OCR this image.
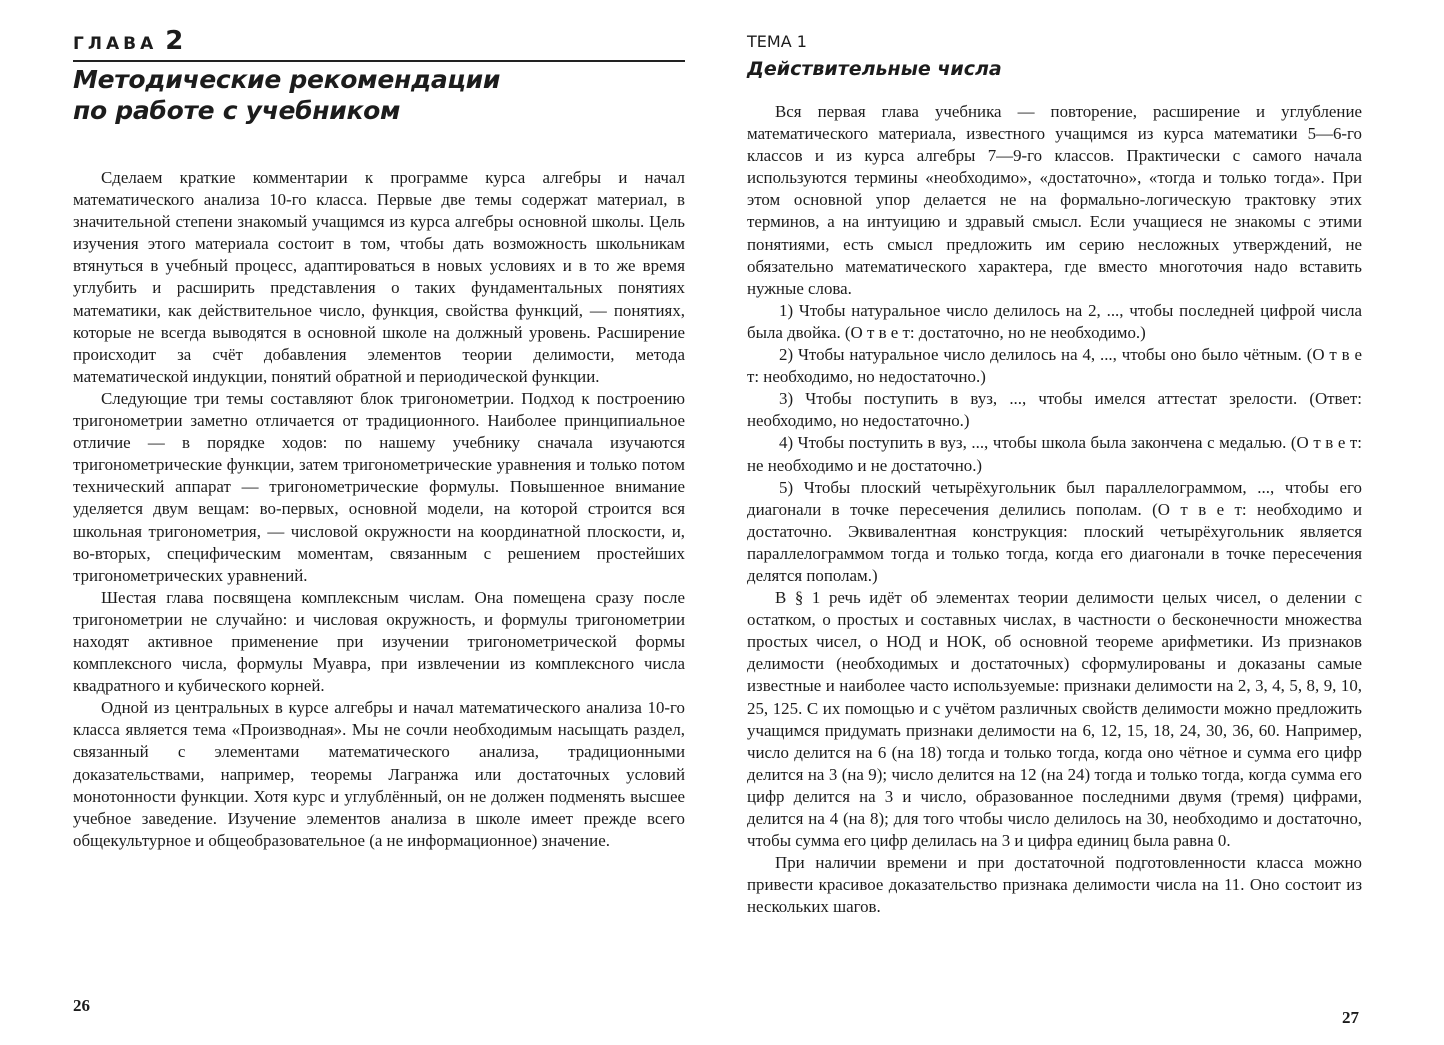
ГЛАВА 2
Методические рекомендации
по работе с учебником

Сделаем краткие комментарии к программе курса алгебры и начал математического анализа 10-го класса. Первые две темы содержат материал, в значительной степени знакомый учащимся из курса алгебры основной школы. Цель изучения этого материала состоит в том, чтобы дать возможность школьникам втянуться в учебный процесс, адаптироваться в новых условиях и в то же время углубить и расширить представления о таких фундаментальных понятиях математики, как действительное число, функция, свойства функций, — понятиях, которые не всегда выводятся в основной школе на должный уровень. Расширение происходит за счёт добавления элементов теории делимости, метода математической индукции, понятий обратной и периодической функции.

Следующие три темы составляют блок тригонометрии. Подход к построению тригонометрии заметно отличается от традиционного. Наиболее принципиальное отличие — в порядке ходов: по нашему учебнику сначала изучаются тригонометрические функции, затем тригонометрические уравнения и только потом технический аппарат — тригонометрические формулы. Повышенное внимание уделяется двум вещам: во-первых, основной модели, на которой строится вся школьная тригонометрия, — числовой окружности на координатной плоскости, и, во-вторых, специфическим моментам, связанным с решением простейших тригонометрических уравнений.

Шестая глава посвящена комплексным числам. Она помещена сразу после тригонометрии не случайно: и числовая окружность, и формулы тригонометрии находят активное применение при изучении тригонометрической формы комплексного числа, формулы Муавра, при извлечении из комплексного числа квадратного и кубического корней.

Одной из центральных в курсе алгебры и начал математического анализа 10-го класса является тема «Производная». Мы не сочли необходимым насыщать раздел, связанный с элементами математического анализа, традиционными доказательствами, например, теоремы Лагранжа или достаточных условий монотонности функции. Хотя курс и углублённый, он не должен подменять высшее учебное заведение. Изучение элементов анализа в школе имеет прежде всего общекультурное и общеобразовательное (а не информационное) значение.

26
ТЕМА 1
Действительные числа

Вся первая глава учебника — повторение, расширение и углубление математического материала, известного учащимся из курса математики 5—6-го классов и из курса алгебры 7—9-го классов. Практически с самого начала используются термины «необходимо», «достаточно», «тогда и только тогда». При этом основной упор делается не на формально-логическую трактовку этих терминов, а на интуицию и здравый смысл. Если учащиеся не знакомы с этими понятиями, есть смысл предложить им серию несложных утверждений, не обязательно математического характера, где вместо многоточия надо вставить нужные слова.

1) Чтобы натуральное число делилось на 2, ..., чтобы последней цифрой числа была двойка. (О т в е т: достаточно, но не необходимо.)

2) Чтобы натуральное число делилось на 4, ..., чтобы оно было чётным. (О т в е т: необходимо, но недостаточно.)

3) Чтобы поступить в вуз, ..., чтобы имелся аттестат зрелости. (Ответ: необходимо, но недостаточно.)

4) Чтобы поступить в вуз, ..., чтобы школа была закончена с медалью. (О т в е т: не необходимо и не достаточно.)

5) Чтобы плоский четырёхугольник был параллелограммом, ..., чтобы его диагонали в точке пересечения делились пополам. (О т в е т: необходимо и достаточно. Эквивалентная конструкция: плоский четырёхугольник является параллелограммом тогда и только тогда, когда его диагонали в точке пересечения делятся пополам.)

В § 1 речь идёт об элементах теории делимости целых чисел, о делении с остатком, о простых и составных числах, в частности о бесконечности множества простых чисел, о НОД и НОК, об основной теореме арифметики. Из признаков делимости (необходимых и достаточных) сформулированы и доказаны самые известные и наиболее часто используемые: признаки делимости на 2, 3, 4, 5, 8, 9, 10, 25, 125. С их помощью и с учётом различных свойств делимости можно предложить учащимся придумать признаки делимости на 6, 12, 15, 18, 24, 30, 36, 60. Например, число делится на 6 (на 18) тогда и только тогда, когда оно чётное и сумма его цифр делится на 3 (на 9); число делится на 12 (на 24) тогда и только тогда, когда сумма его цифр делится на 3 и число, образованное последними двумя (тремя) цифрами, делится на 4 (на 8); для того чтобы число делилось на 30, необходимо и достаточно, чтобы сумма его цифр делилась на 3 и цифра единиц была равна 0.

При наличии времени и при достаточной подготовленности класса можно привести красивое доказательство признака делимости числа на 11. Оно состоит из нескольких шагов.

27
